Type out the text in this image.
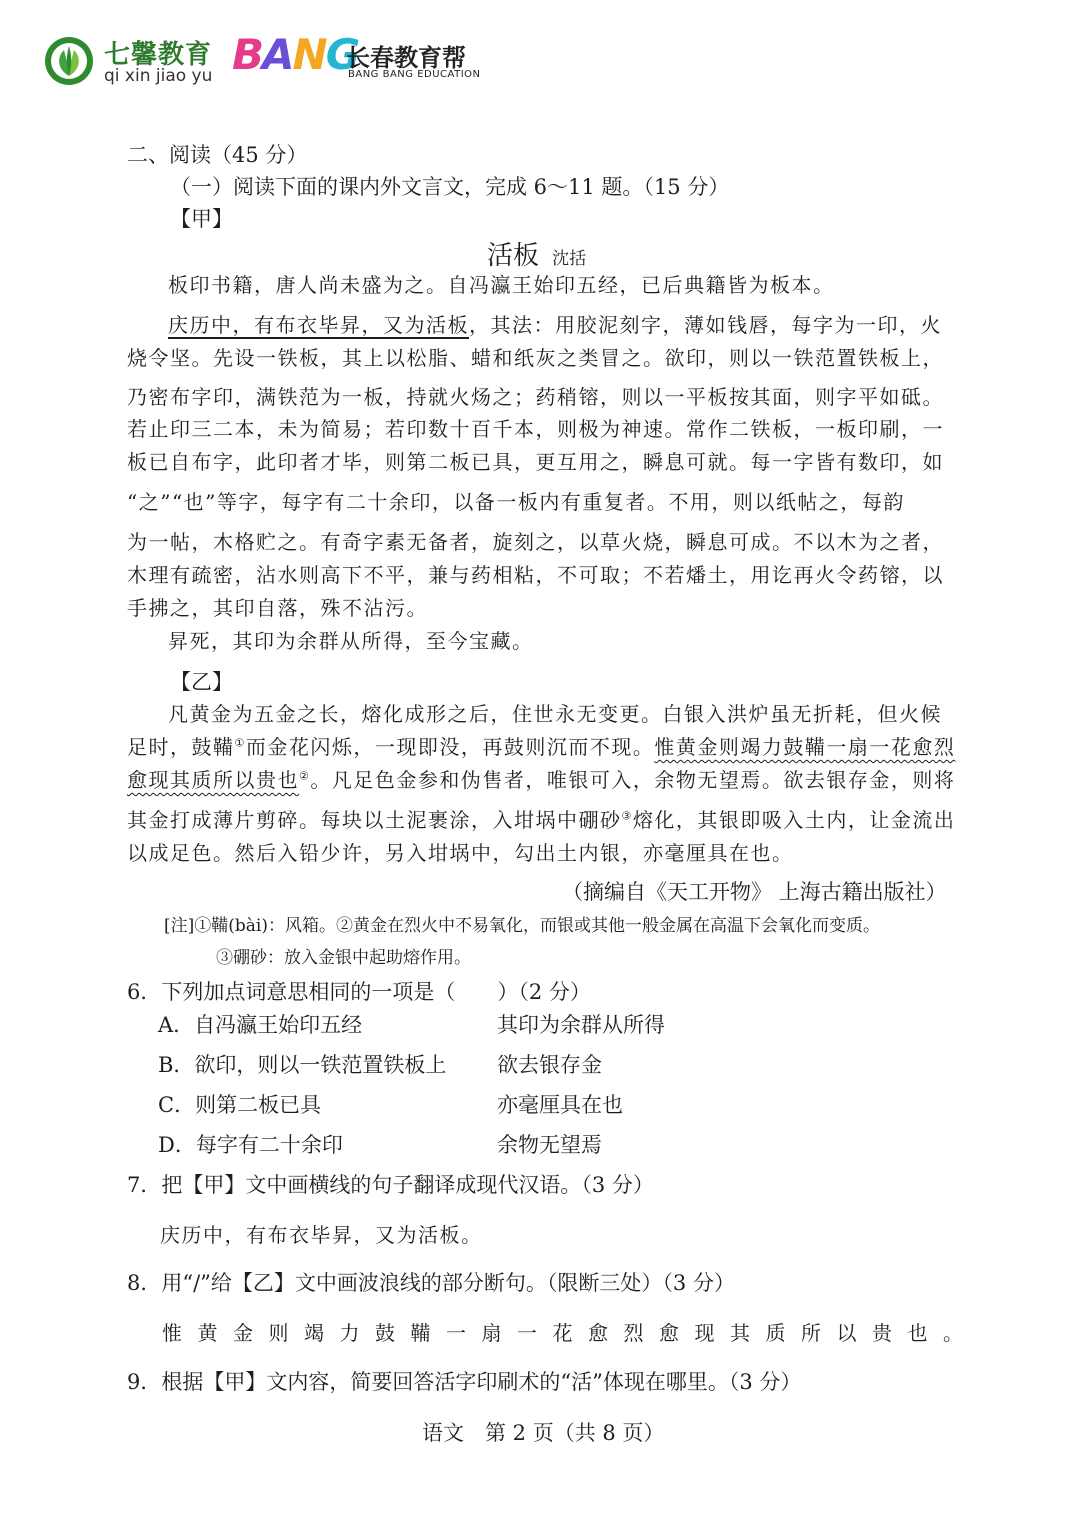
七馨教育
qi xin jiao yu BANG
长春教育帮
BANG BANG EDUCATION
二、阅读（45 分）
（一）阅读下面的课内外文言文，完成 6～11 题。（15 分）
【甲】
活板 沈括
板印书籍，唐人尚未盛为之。自冯瀛王始印五经，已后典籍皆为板本。
庆历中，有布衣毕昇，又为活板，其法：用胶泥刻字，薄如钱唇，每字为一印，火
烧令坚。先设一铁板，其上以松脂、蜡和纸灰之类冒之。欲印，则以一铁范置铁板上，
乃密布字印，满铁范为一板，持就火炀之；药稍镕，则以一平板按其面，则字平如砥。
若止印三二本，未为简易；若印数十百千本，则极为神速。常作二铁板，一板印刷，一
板已自布字，此印者才毕，则第二板已具，更互用之，瞬息可就。每一字皆有数印，如
“之”“也”等字，每字有二十余印，以备一板内有重复者。不用，则以纸帖之，每韵
为一帖，木格贮之。有奇字素无备者，旋刻之，以草火烧，瞬息可成。不以木为之者，
木理有疏密，沾水则高下不平，兼与药相粘，不可取；不若燔土，用讫再火令药镕，以
手拂之，其印自落，殊不沾污。
昇死，其印为余群从所得，至今宝藏。
【乙】
凡黄金为五金之长，熔化成形之后，住世永无变更。白银入洪炉虽无折耗，但火候
足时，鼓鞴①而金花闪烁，一现即没，再鼓则沉而不现。惟黄金则竭力鼓鞴一扇一花愈烈
愈现其质所以贵也②。凡足色金参和伪售者，唯银可入，余物无望焉。欲去银存金，则将
其金打成薄片剪碎。每块以土泥裹涂，入坩埚中硼砂③熔化，其银即吸入土内，让金流出
以成足色。然后入铅少许，另入坩埚中，勾出土内银，亦毫厘具在也。
（摘编自《天工开物》 上海古籍出版社）
[注]①鞴(bài)：风箱。②黄金在烈火中不易氧化，而银或其他一般金属在高温下会氧化而变质。
③硼砂：放入金银中起助熔作用。
6．下列加点词意思相同的一项是（　　）（2 分）
A．自冯瀛王始印五经	其印为余群从所得
B．欲印，则以一铁范置铁板上 欲去银存金
C．则第二板已具	亦毫厘具在也
D．每字有二十余印	余物无望焉
7．把【甲】文中画横线的句子翻译成现代汉语。（3 分）
庆历中，有布衣毕昇，又为活板。
8．用“/”给【乙】文中画波浪线的部分断句。（限断三处）（3 分）
惟黄金则竭力鼓鞴一扇一花愈烈愈现其质所以贵也。
9．根据【甲】文内容，简要回答活字印刷术的“活”体现在哪里。（3 分）
语文　第 2 页（共 8 页）
